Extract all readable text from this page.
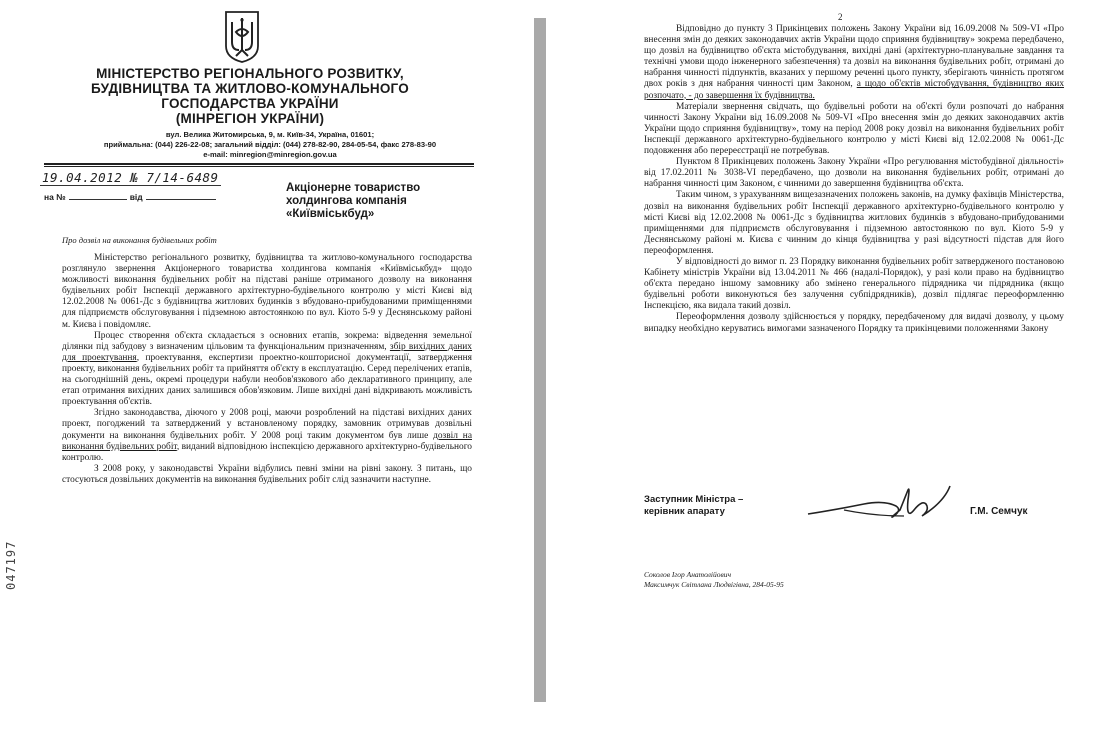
МІНІСТЕРСТВО РЕГІОНАЛЬНОГО РОЗВИТКУ,
БУДІВНИЦТВА ТА ЖИТЛОВО-КОМУНАЛЬНОГО
ГОСПОДАРСТВА УКРАЇНИ
(МІНРЕГІОН УКРАЇНИ)
вул. Велика Житомирська, 9, м. Київ-34, Україна, 01601;
приймальна: (044) 226-22-08; загальний відділ: (044) 278-82-90, 284-05-54, факс 278-83-90
e-mail: minregion@minregion.gov.ua
19.04.2012 № 7/14-6489
на №	від
Акціонерне товариство холдингова компанія «Київміськбуд»
Про дозвіл на виконання будівельних робіт

Міністерство регіонального розвитку, будівництва та житлово-комунального господарства розглянуло звернення Акціонерного товариства холдингова компанія «Київміськбуд» щодо можливості виконання будівельних робіт на підставі раніше отриманого дозволу на виконання будівельних робіт Інспекції державного архітектурно-будівельного контролю у місті Києві від 12.02.2008 № 0061-Дс з будівництва житлових будинків з вбудовано-прибудованими приміщеннями для підприємств обслуговування і підземною автостоянкою по вул. Кіото 5-9 у Деснянському районі м. Києва і повідомляє.

Процес створення об'єкта складається з основних етапів, зокрема: відведення земельної ділянки під забудову з визначеним цільовим та функціональним призначенням, збір вихідних даних для проектування, проектування, експертизи проектно-кошторисної документації, затвердження проекту, виконання будівельних робіт та прийняття об'єкту в експлуатацію. Серед перелічених етапів, на сьогоднішній день, окремі процедури набули необов'язкового або декларативного принципу, але етап отримання вихідних даних залишився обов'язковим. Лише вихідні дані відкривають можливість проектування об'єктів.

Згідно законодавства, діючого у 2008 році, маючи розроблений на підставі вихідних даних проект, погоджений та затверджений у встановленому порядку, замовник отримував дозвільні документи на виконання будівельних робіт. У 2008 році таким документом був лише дозвіл на виконання будівельних робіт, виданий відповідною інспекцією державного архітектурно-будівельного контролю.

З 2008 року, у законодавстві України відбулись певні зміни на рівні закону. З питань, що стосуються дозвільних документів на виконання будівельних робіт слід зазначити наступне.

047197
2

Відповідно до пункту 3 Прикінцевих положень Закону України від 16.09.2008 № 509-VI «Про внесення змін до деяких законодавчих актів України щодо сприяння будівництву» зокрема передбачено, що дозвіл на будівництво об'єкта містобудування, вихідні дані (архітектурно-планувальне завдання та технічні умови щодо інженерного забезпечення) та дозвіл на виконання будівельних робіт, отримані до набрання чинності підпунктів, вказаних у першому реченні цього пункту, зберігають чинність протягом двох років з дня набрання чинності цим Законом, а щодо об'єктів містобудування, будівництво яких розпочато, - до завершення їх будівництва.

Матеріали звернення свідчать, що будівельні роботи на об'єкті були розпочаті до набрання чинності Закону України від 16.09.2008 № 509-VI «Про внесення змін до деяких законодавчих актів України щодо сприяння будівництву», тому на період 2008 року дозвіл на виконання будівельних робіт Інспекції державного архітектурно-будівельного контролю у місті Києві від 12.02.2008 № 0061-Дс подовження або перереєстрації не потребував.

Пунктом 8 Прикінцевих положень Закону України «Про регулювання містобудівної діяльності» від 17.02.2011 № 3038-VI передбачено, що дозволи на виконання будівельних робіт, отримані до набрання чинності цим Законом, є чинними до завершення будівництва об'єкта.

Таким чином, з урахуванням вищезазначених положень законів, на думку фахівців Міністерства, дозвіл на виконання будівельних робіт Інспекції державного архітектурно-будівельного контролю у місті Києві від 12.02.2008 № 0061-Дс з будівництва житлових будинків з вбудовано-прибудованими приміщеннями для підприємств обслуговування і підземною автостоянкою по вул. Кіото 5-9 у Деснянському районі м. Києва є чинним до кінця будівництва у разі відсутності підстав для його переоформлення.

У відповідності до вимог п. 23 Порядку виконання будівельних робіт затвердженого постановою Кабінету міністрів України від 13.04.2011 № 466 (надалі-Порядок), у разі коли право на будівництво об'єкта передано іншому замовнику або змінено генерального підрядника чи підрядника (якщо будівельні роботи виконуються без залучення субпідрядників), дозвіл підлягає переоформленню Інспекцією, яка видала такий дозвіл.

Переоформлення дозволу здійснюється у порядку, передбаченому для видачі дозволу, у цьому випадку необхідно керуватись вимогами зазначеного Порядку та прикінцевими положеннями Закону

Заступник Міністра –
керівник апарату	Г.М. Семчук
Соколов Ігор Анатолійович
Максимчук Світлана Людвігівна, 284-05-95
